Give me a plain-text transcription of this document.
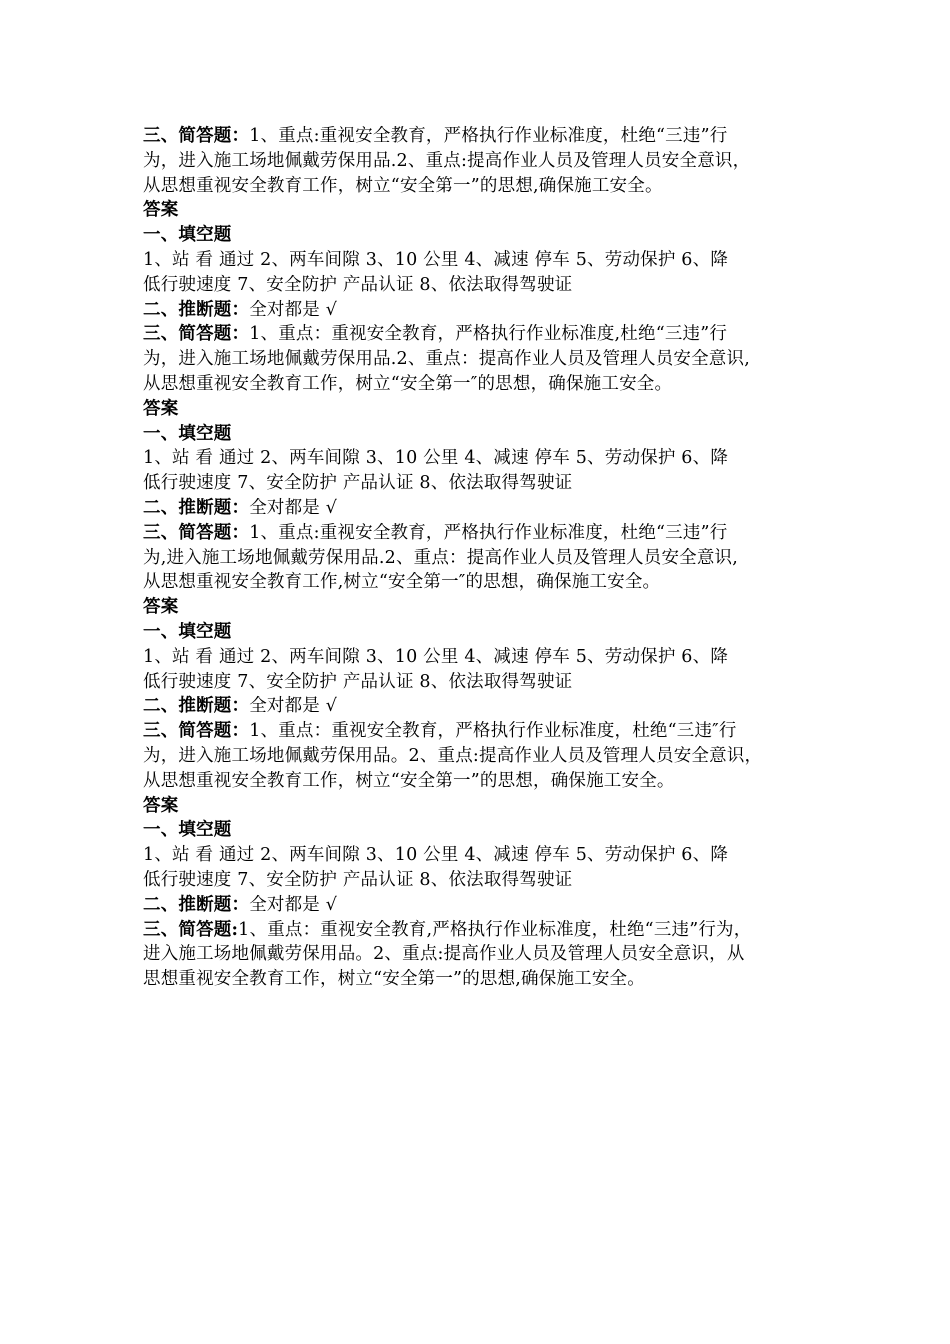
三、简答题：1、重点:重视安全教育，严格执行作业标准度，杜绝“三违”行
为，进入施工场地佩戴劳保用品.2、重点:提高作业人员及管理人员安全意识，
从思想重视安全教育工作，树立“安全第一”的思想,确保施工安全。
答案
一、填空题
1、站 看 通过 2、两车间隙 3、10 公里 4、减速 停车 5、劳动保护 6、降
低行驶速度 7、安全防护 产品认证 8、依法取得驾驶证
二、推断题：全对都是 √
三、简答题：1、重点：重视安全教育，严格执行作业标准度,杜绝“三违”行
为，进入施工场地佩戴劳保用品.2、重点：提高作业人员及管理人员安全意识,
从思想重视安全教育工作，树立“安全第一″的思想，确保施工安全。
答案
一、填空题
1、站 看 通过 2、两车间隙 3、10 公里 4、减速 停车 5、劳动保护 6、降
低行驶速度 7、安全防护 产品认证 8、依法取得驾驶证
二、推断题：全对都是 √
三、简答题：1、重点:重视安全教育，严格执行作业标准度，杜绝“三违”行
为,进入施工场地佩戴劳保用品.2、重点：提高作业人员及管理人员安全意识,
从思想重视安全教育工作,树立“安全第一″的思想，确保施工安全。
答案
一、填空题
1、站 看 通过 2、两车间隙 3、10 公里 4、减速 停车 5、劳动保护 6、降
低行驶速度 7、安全防护 产品认证 8、依法取得驾驶证
二、推断题：全对都是 √
三、简答题：1、重点：重视安全教育，严格执行作业标准度，杜绝“三违″行
为，进入施工场地佩戴劳保用品。2、重点:提高作业人员及管理人员安全意识，
从思想重视安全教育工作，树立“安全第一”的思想，确保施工安全。
答案
一、填空题
1、站 看 通过 2、两车间隙 3、10 公里 4、减速 停车 5、劳动保护 6、降
低行驶速度 7、安全防护 产品认证 8、依法取得驾驶证
二、推断题：全对都是 √
三、简答题:1、重点：重视安全教育,严格执行作业标准度，杜绝“三违”行为，
进入施工场地佩戴劳保用品。2、重点:提高作业人员及管理人员安全意识，从
思想重视安全教育工作，树立“安全第一”的思想,确保施工安全。
